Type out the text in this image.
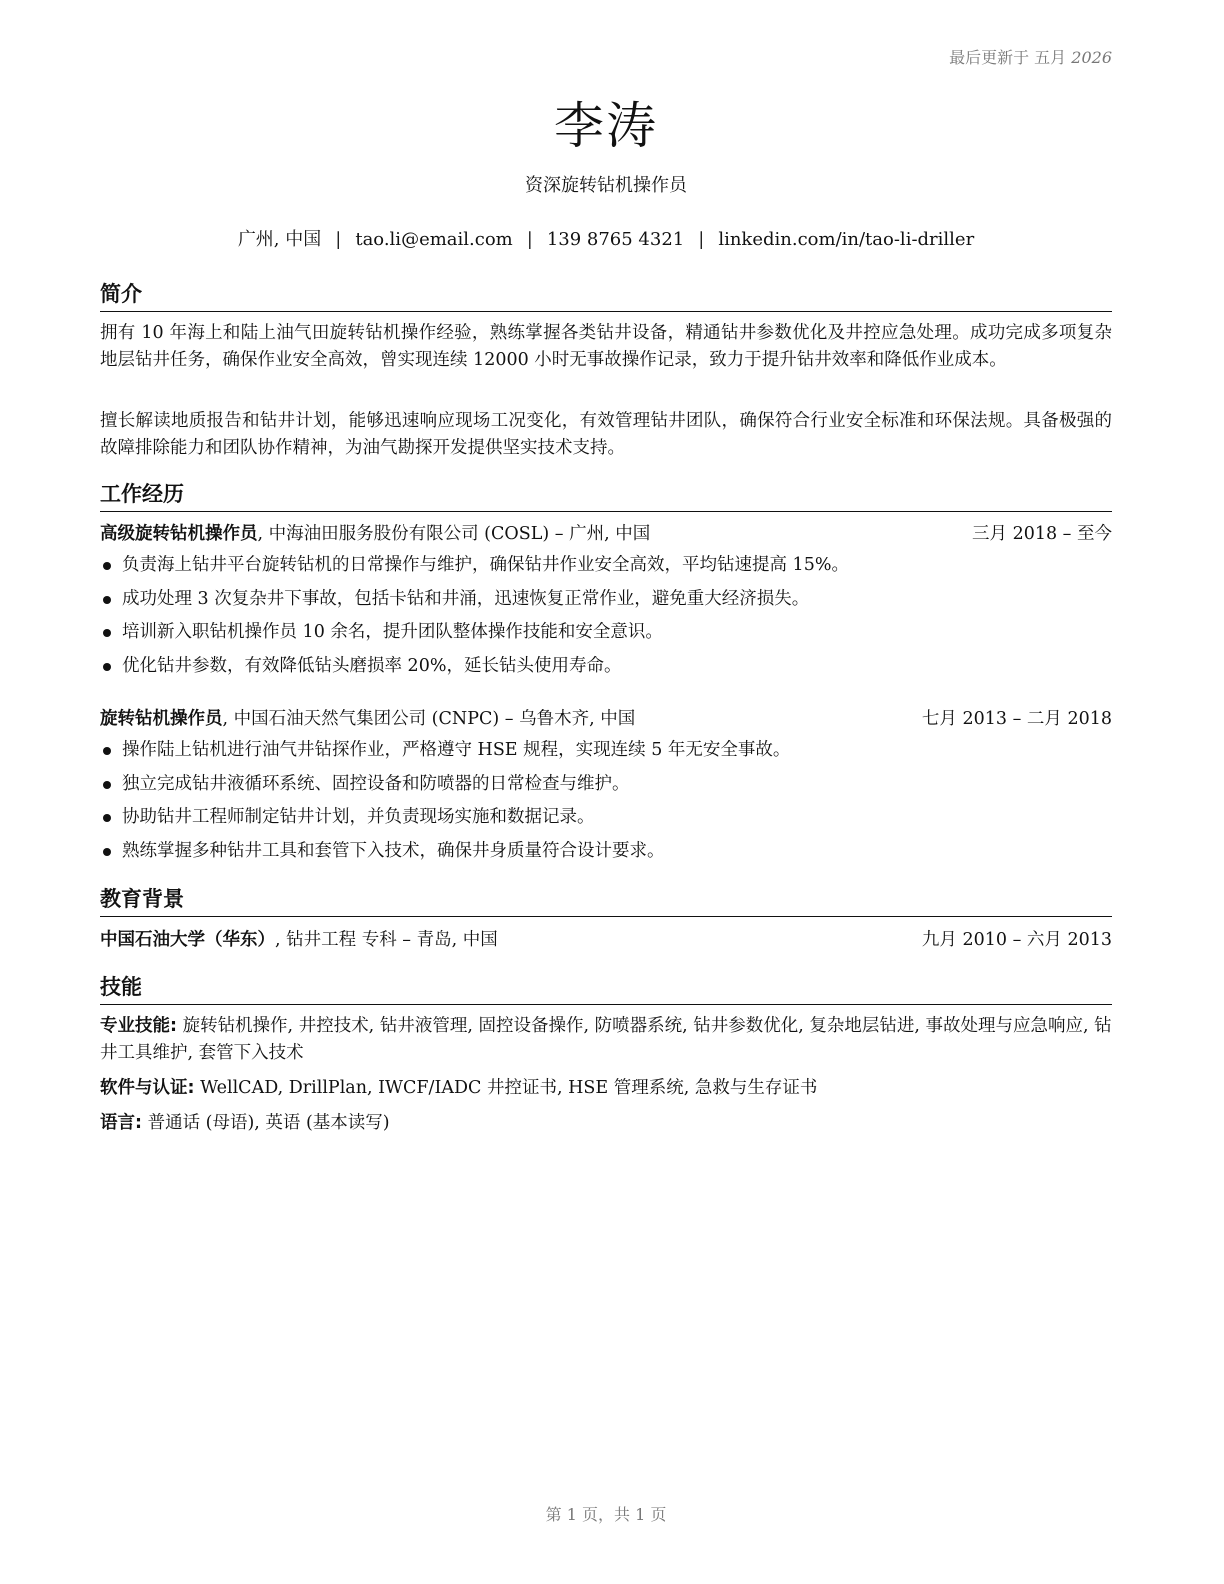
最后更新于 五月 2026
李涛
资深旋转钻机操作员
广州, 中国 | tao.li@email.com | 139 8765 4321 | linkedin.com/in/tao-li-driller
简介
拥有 10 年海上和陆上油气田旋转钻机操作经验，熟练掌握各类钻井设备，精通钻井参数优化及井控应急处理。成功完成多项复杂地层钻井任务，确保作业安全高效，曾实现连续 12000 小时无事故操作记录，致力于提升钻井效率和降低作业成本。
擅长解读地质报告和钻井计划，能够迅速响应现场工况变化，有效管理钻井团队，确保符合行业安全标准和环保法规。具备极强的故障排除能力和团队协作精神，为油气勘探开发提供坚实技术支持。
工作经历
高级旋转钻机操作员, 中海油田服务股份有限公司 (COSL) – 广州, 中国	三月 2018 – 至今
负责海上钻井平台旋转钻机的日常操作与维护，确保钻井作业安全高效，平均钻速提高 15%。
成功处理 3 次复杂井下事故，包括卡钻和井涌，迅速恢复正常作业，避免重大经济损失。
培训新入职钻机操作员 10 余名，提升团队整体操作技能和安全意识。
优化钻井参数，有效降低钻头磨损率 20%，延长钻头使用寿命。
旋转钻机操作员, 中国石油天然气集团公司 (CNPC) – 乌鲁木齐, 中国	七月 2013 – 二月 2018
操作陆上钻机进行油气井钻探作业，严格遵守 HSE 规程，实现连续 5 年无安全事故。
独立完成钻井液循环系统、固控设备和防喷器的日常检查与维护。
协助钻井工程师制定钻井计划，并负责现场实施和数据记录。
熟练掌握多种钻井工具和套管下入技术，确保井身质量符合设计要求。
教育背景
中国石油大学（华东）, 钻井工程 专科 – 青岛, 中国	九月 2010 – 六月 2013
技能
专业技能: 旋转钻机操作, 井控技术, 钻井液管理, 固控设备操作, 防喷器系统, 钻井参数优化, 复杂地层钻进, 事故处理与应急响应, 钻井工具维护, 套管下入技术
软件与认证: WellCAD, DrillPlan, IWCF/IADC 井控证书, HSE 管理系统, 急救与生存证书
语言: 普通话 (母语), 英语 (基本读写)
第 1 页，共 1 页
